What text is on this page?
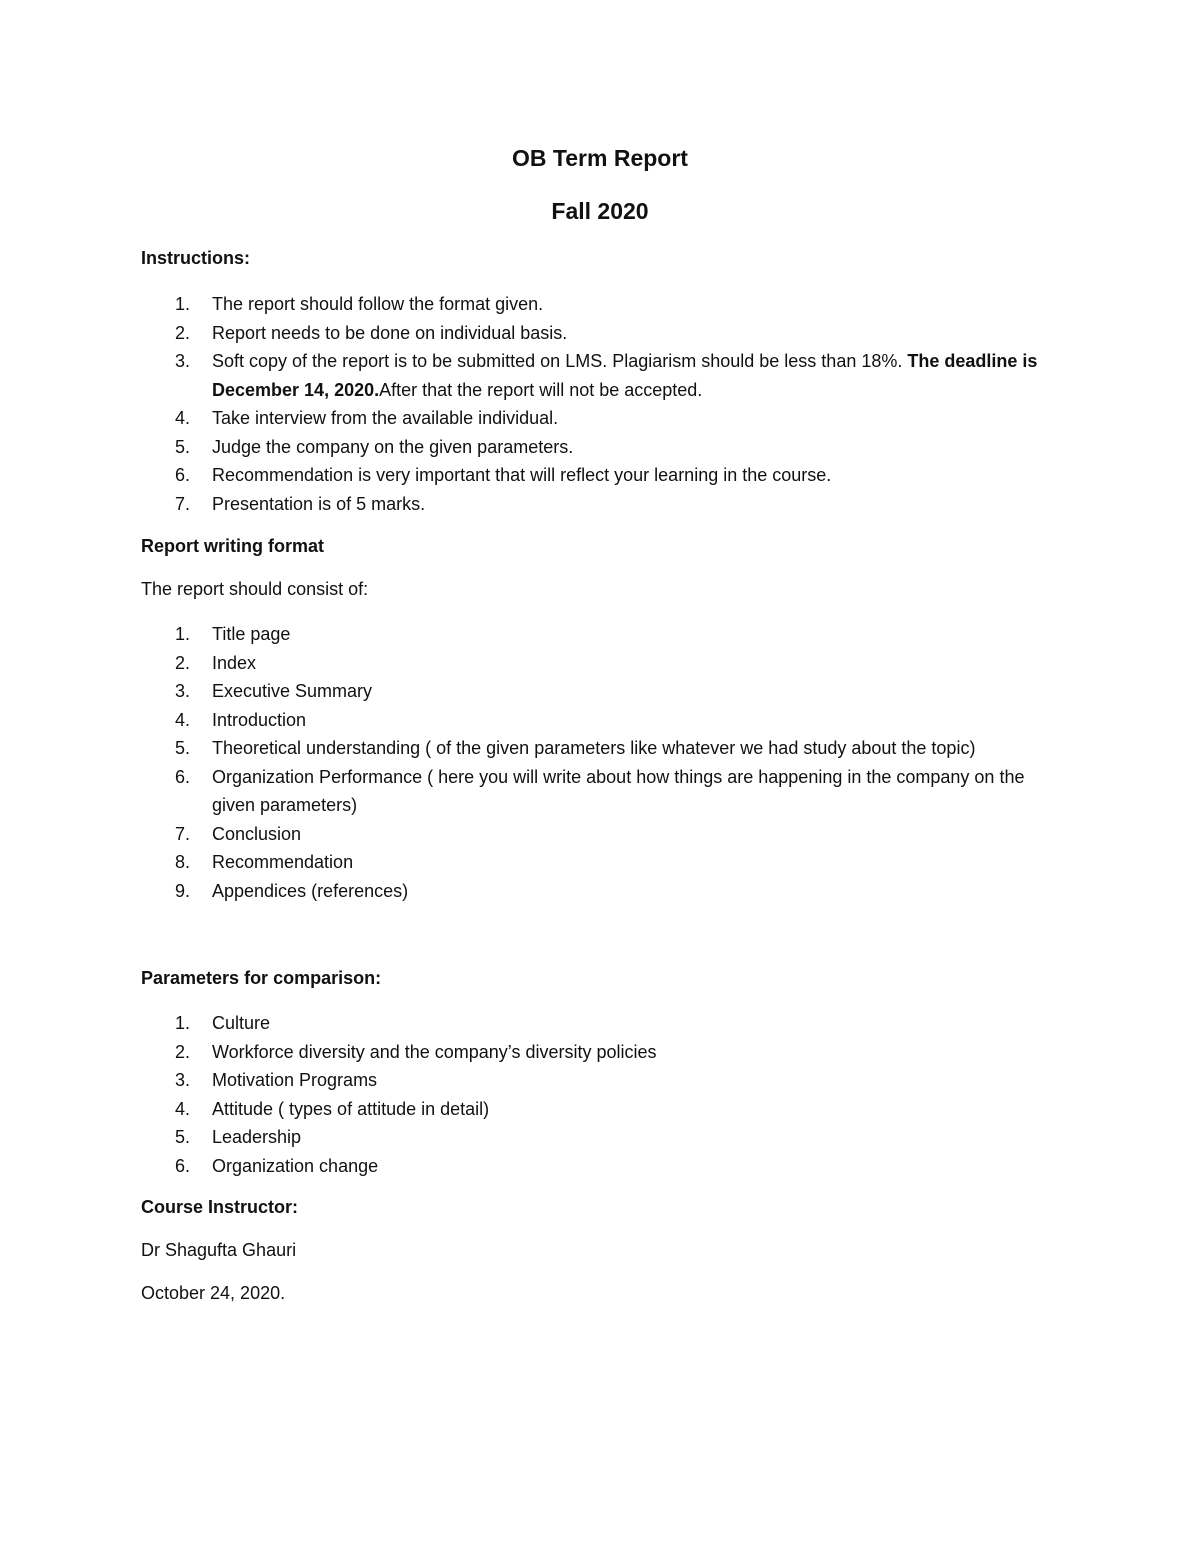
OB Term Report
Fall 2020
Instructions:
1. The report should follow the format given.
2. Report needs to be done on individual basis.
3. Soft copy of the report is to be submitted on LMS. Plagiarism should be less than 18%. The deadline is December 14, 2020.After that the report will not be accepted.
4. Take interview from the available individual.
5. Judge the company on the given parameters.
6. Recommendation is very important that will reflect your learning in the course.
7. Presentation is of 5 marks.
Report writing format
The report should consist of:
1. Title page
2. Index
3. Executive Summary
4. Introduction
5. Theoretical understanding ( of the given parameters like whatever we had study about the topic)
6. Organization Performance ( here you will write about how things are happening in the company on the given parameters)
7. Conclusion
8. Recommendation
9. Appendices (references)
Parameters for comparison:
1. Culture
2. Workforce diversity and the company’s diversity policies
3. Motivation Programs
4. Attitude ( types of attitude in detail)
5. Leadership
6. Organization change
Course Instructor:
Dr Shagufta Ghauri
October 24, 2020.
